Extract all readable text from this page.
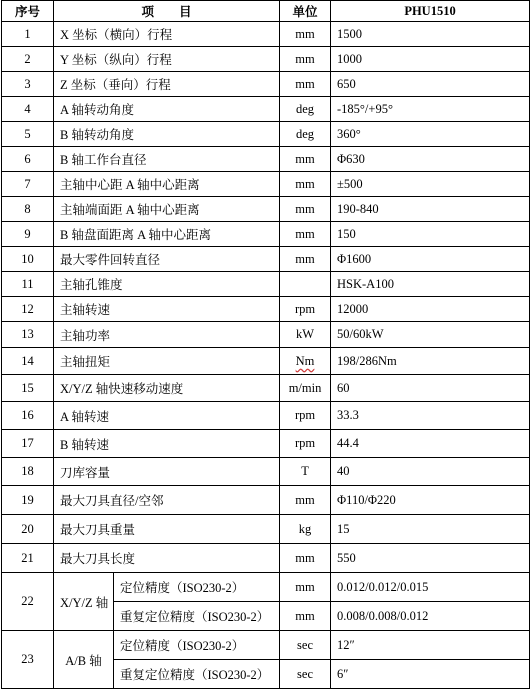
序号	项　　目		单位	PHU1510
1	X 坐标（横向）行程		mm	1500
2	Y 坐标（纵向）行程		mm	1000
3	Z 坐标（垂向）行程		mm	650
4	A 轴转动角度		deg	-185°/+95°
5	B 轴转动角度		deg	360°
6	B 轴工作台直径		mm	Φ630
7	主轴中心距 A 轴中心距离		mm	±500
8	主轴端面距 A 轴中心距离		mm	190-840
9	B 轴盘面距离 A 轴中心距离		mm	150
10	最大零件回转直径		mm	Φ1600
11	主轴孔锥度			HSK-A100
12	主轴转速		rpm	12000
13	主轴功率		kW	50/60kW
14	主轴扭矩		Nm	198/286Nm
15	X/Y/Z 轴快速移动速度		m/min	60
16	A 轴转速		rpm	33.3
17	B 轴转速		rpm	44.4
18	刀库容量		T	40
19	最大刀具直径/空邻		mm	Φ110/Φ220
20	最大刀具重量		kg	15
21	最大刀具长度		mm	550
22	X/Y/Z 轴	定位精度（ISO230-2）	mm	0.012/0.012/0.015
		重复定位精度（ISO230-2）	mm	0.008/0.008/0.012
23	A/B 轴	定位精度（ISO230-2）	sec	12″
		重复定位精度（ISO230-2）	sec	6″
